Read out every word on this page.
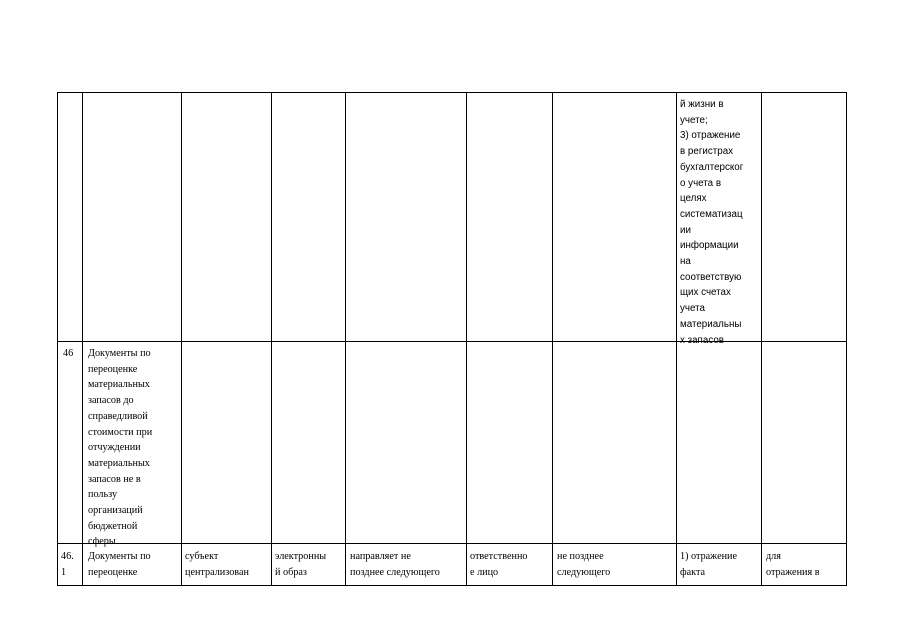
й жизни в
учете;
3) отражение
в регистрах
бухгалтерског
о учета в
целях
систематизац
ии
информации
на
соответствую
щих счетах
учета
материальны
х запасов
46 Документы по
переоценке
материальных
запасов до
справедливой
стоимости при
отчуждении
материальных
запасов не в
пользу
организаций
бюджетной
сферы
46.
1
Документы по
переоценке
субъект
централизован
электронны
й образ
направляет не
позднее следующего
ответственно
е лицо
не позднее
следующего
1) отражение
факта
для
отражения в
